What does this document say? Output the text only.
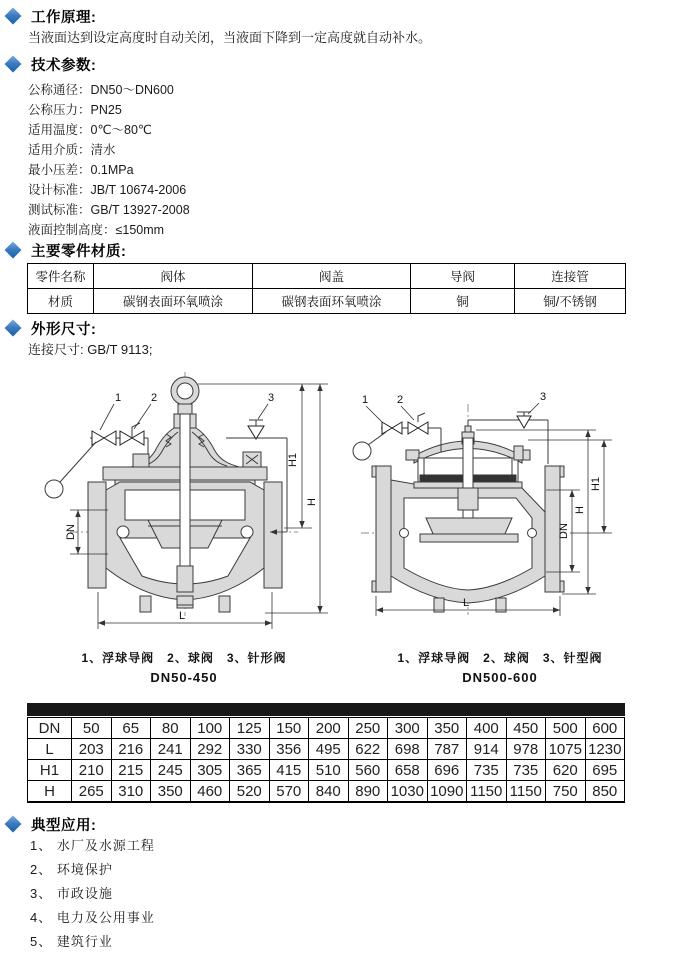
工作原理:
当液面达到设定高度时自动关闭，当液面下降到一定高度就自动补水。
技术参数:
公称通径：DN50～DN600
公称压力：PN25
适用温度：0℃～80℃
适用介质：清水
最小压差：0.1MPa
设计标准：JB/T 10674-2006
测试标准：GB/T 13927-2008
液面控制高度：≤150mm
主要零件材质:
零件名称	阀体	阀盖	导阀	连接管
材质	碳钢表面环氧喷涂	碳钢表面环氧喷涂	铜	铜/不锈钢
外形尺寸:
连接尺寸: GB/T 9113;
1	2	3
H1
H
DN
L
1、浮球导阀　2、球阀　3、针形阀
DN50-450
1	2	3
DN
H
H1
L
1、浮球导阀　2、球阀　3、针型阀
DN500-600
DN	50	65	80	100	125	150	200	250	300	350	400	450	500	600
L	203	216	241	292	330	356	495	622	698	787	914	978	1075	1230
H1	210	215	245	305	365	415	510	560	658	696	735	735	620	695
H	265	310	350	460	520	570	840	890	1030	1090	1150	1150	750	850
典型应用:
1、 水厂及水源工程
2、 环境保护
3、 市政设施
4、 电力及公用事业
5、 建筑行业
